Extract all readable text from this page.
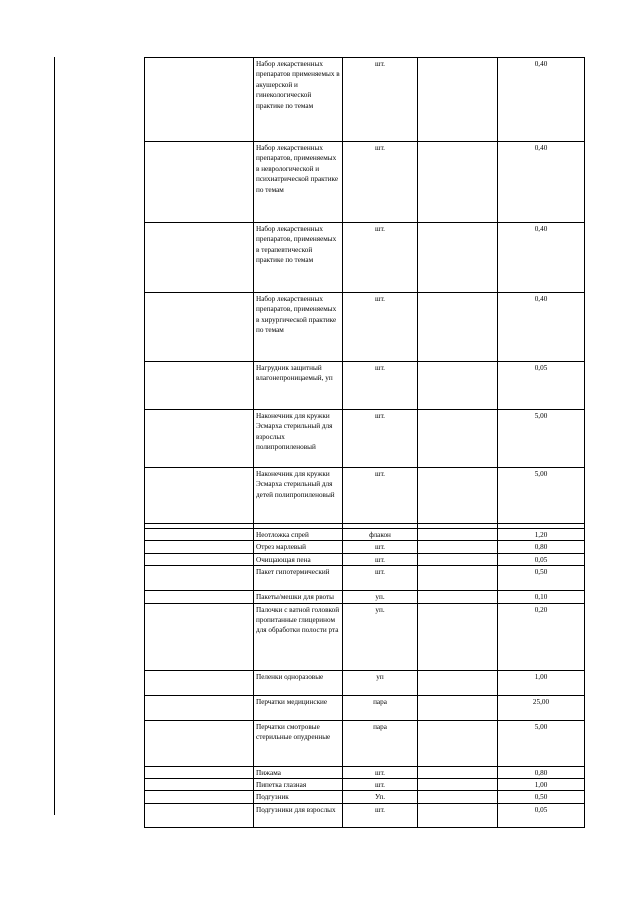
	Набор лекарственных препаратов применяемых в акушерской и гинекологической практике по темам	шт.		0,40
	Набор лекарственных препаратов, применяемых в неврологической и психиатрической практике по темам	шт.		0,40
	Набор лекарственных препаратов, применяемых в терапевтической практике по темам	шт.		0,40
	Набор лекарственных препаратов, применяемых в хирургической практике по темам	шт.		0,40
	Нагрудник защитный влагонепроницаемый, уп	шт.		0,05
	Наконечник для кружки Эсмарха стерильный для взрослых полипропиленовый	шт.		5,00
	Наконечник для кружки Эсмарха стерильный для детей полипропиленовый	шт.		5,00

	Неотложка спрей	флакон		1,20
	Отрез марлевый	шт.		0,80
	Очищающая пена	шт.		0,05
	Пакет гипотермический	шт.		0,50
	Пакеты/мешки для рвоты	уп.		0,10
	Палочки с ватной головкой пропитанные глицерином для обработки полости рта	уп.		0,20
	Пеленки одноразовые	уп		1,00
	Перчатки медицинские	пара		25,00
	Перчатки смотровые стерильные опудренные	пара		5,00
	Пижама	шт.		0,80
	Пипетка глазная	шт.		1,00
	Подгузник	Уп.		0,50
	Подгузники для взрослых	шт.		0,05
